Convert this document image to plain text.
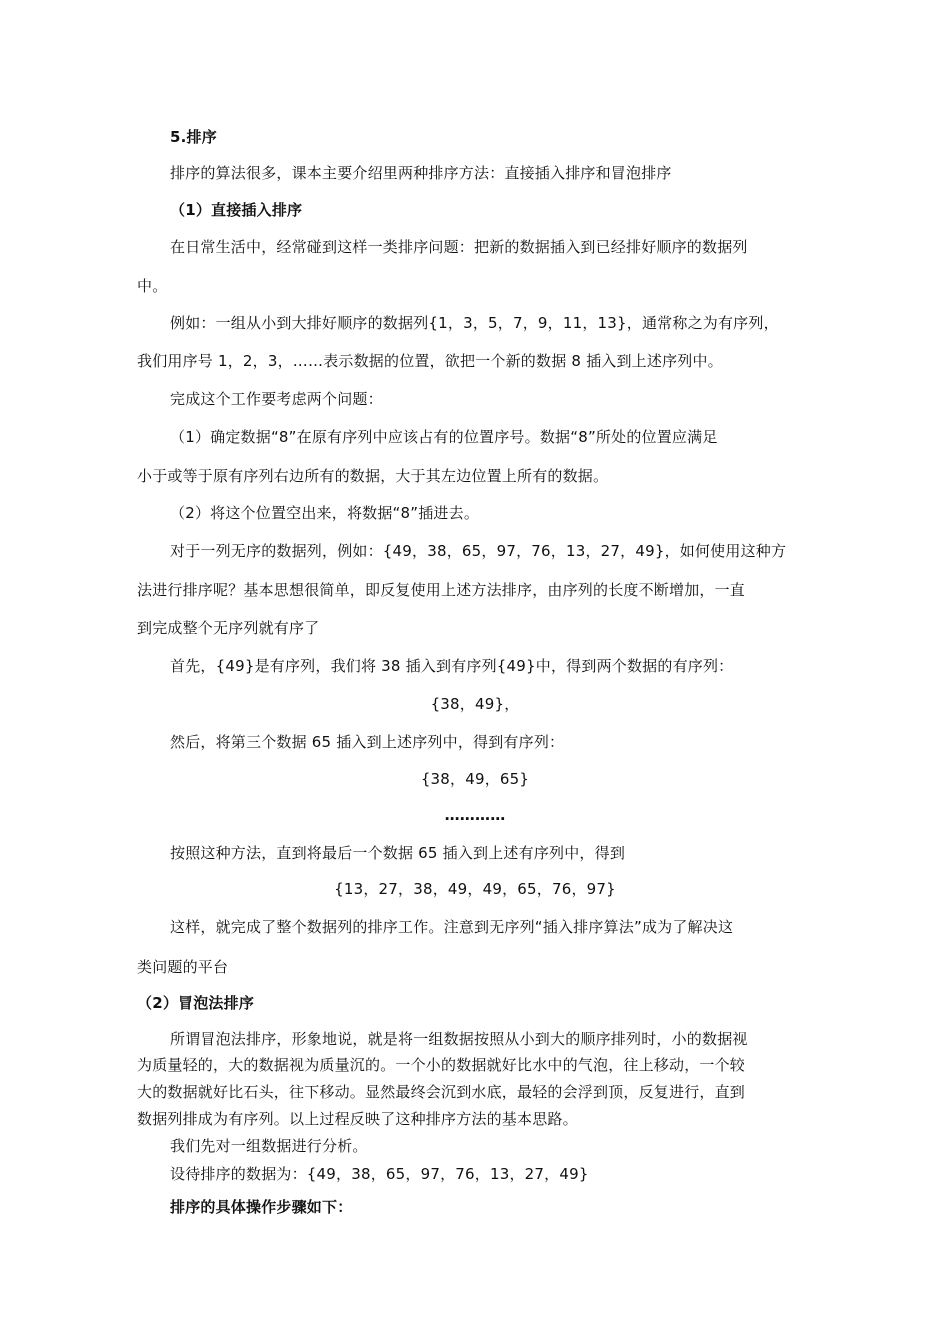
5.排序
排序的算法很多，课本主要介绍里两种排序方法：直接插入排序和冒泡排序
（1）直接插入排序
在日常生活中，经常碰到这样一类排序问题：把新的数据插入到已经排好顺序的数据列
中。
例如：一组从小到大排好顺序的数据列{1，3，5，7，9，11，13}，通常称之为有序列，
我们用序号 1，2，3，……表示数据的位置，欲把一个新的数据 8 插入到上述序列中。
完成这个工作要考虑两个问题：
（1）确定数据“8”在原有序列中应该占有的位置序号。数据“8”所处的位置应满足
小于或等于原有序列右边所有的数据，大于其左边位置上所有的数据。
（2）将这个位置空出来，将数据“8”插进去。
对于一列无序的数据列，例如：{49，38，65，97，76，13，27，49}，如何使用这种方
法进行排序呢？基本思想很简单，即反复使用上述方法排序，由序列的长度不断增加，一直
到完成整个无序列就有序了
首先，{49}是有序列，我们将 38 插入到有序列{49}中，得到两个数据的有序列：
{38，49}，
然后，将第三个数据 65 插入到上述序列中，得到有序列：
{38，49，65}
…………
按照这种方法，直到将最后一个数据 65 插入到上述有序列中，得到
{13，27，38，49，49，65，76，97}
这样，就完成了整个数据列的排序工作。注意到无序列“插入排序算法”成为了解决这
类问题的平台
（2）冒泡法排序
所谓冒泡法排序，形象地说，就是将一组数据按照从小到大的顺序排列时，小的数据视
为质量轻的，大的数据视为质量沉的。一个小的数据就好比水中的气泡，往上移动，一个较
大的数据就好比石头，往下移动。显然最终会沉到水底，最轻的会浮到顶，反复进行，直到
数据列排成为有序列。以上过程反映了这种排序方法的基本思路。
我们先对一组数据进行分析。
设待排序的数据为：{49，38，65，97，76，13，27，49}
排序的具体操作步骤如下：
